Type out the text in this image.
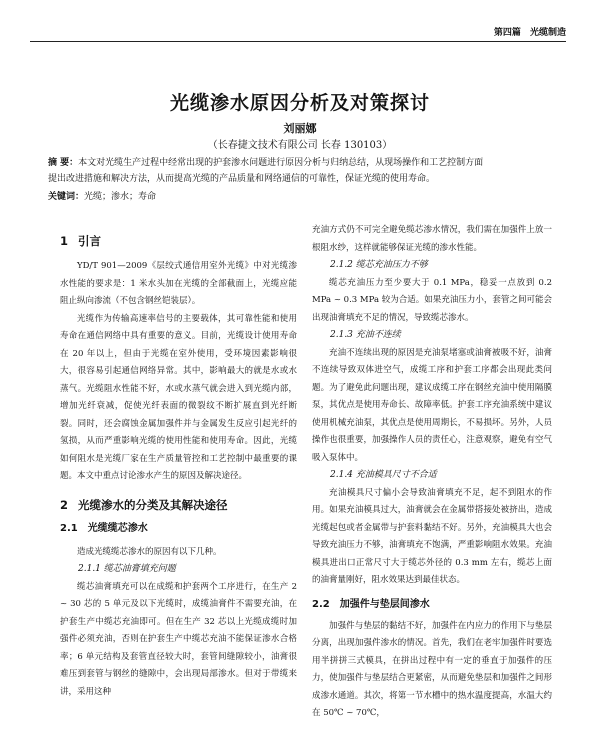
第四篇 光缆制造
光缆渗水原因分析及对策探讨
刘丽娜
（长春捷文技术有限公司 长春 130103）
摘 要：本文对光缆生产过程中经常出现的护套渗水问题进行原因分析与归纳总结，从现场操作和工艺控制方面
提出改进措施和解决方法，从而提高光缆的产品质量和网络通信的可靠性，保证光缆的使用寿命。
关键词：光缆；渗水；寿命
1 引言

YD/T 901—2009《层绞式通信用室外光缆》中对光缆渗水性能的要求是：1 米水头加在光缆的全部截面上，光缆应能阻止纵向渗流（不包含钢丝铠装层）。

光缆作为传输高速率信号的主要载体，其可靠性能和使用寿命在通信网络中具有重要的意义。目前，光缆设计使用寿命在 20 年以上，但由于光缆在室外使用，受环境因素影响很大，很容易引起通信网络异常。其中，影响最大的就是水或水蒸气。光缆阻水性能不好，水或水蒸气就会进入到光缆内部，增加光纤衰减，促使光纤表面的微裂纹不断扩展直到光纤断裂。同时，还会腐蚀金属加强件并与金属发生反应引起光纤的氢损，从而严重影响光缆的使用性能和使用寿命。因此，光缆如何阻水是光缆厂家在生产质量管控和工艺控制中最重要的课题。本文中重点讨论渗水产生的原因及解决途径。

2 光缆渗水的分类及其解决途径
2.1 光缆缆芯渗水

造成光缆缆芯渗水的原因有以下几种。

2.1.1 缆芯油膏填充问题

缆芯油膏填充可以在成缆和护套两个工序进行，在生产 2 ~ 30 芯的 5 单元及以下光缆时，成缆油膏件不需要充油，在护套生产中缆芯充油即可。但在生产 32 芯以上光缆成缆时加强件必须充油，否则在护套生产中缆芯充油不能保证渗水合格率；6 单元结构及套管直径较大时，套管间缝隙较小，油膏很难压到套管与钢丝的缝隙中，会出现局部渗水。但对于带缆来讲，采用这种

充油方式仍不可完全避免缆芯渗水情况，我们需在加强件上放一根阻水纱，这样就能够保证光缆的渗水性能。

2.1.2 缆芯充油压力不够

缆芯充油压力至少要大于 0.1 MPa，稳妥一点放到 0.2 MPa ~ 0.3 MPa 较为合适。如果充油压力小，套管之间可能会出现油膏填充不足的情况，导致缆芯渗水。

2.1.3 充油不连续

充油不连续出现的原因是充油泵堵塞或油膏被吸不好，油膏不连续导致双体进空气，成缆工序和护套工序都会出现此类问题。为了避免此问题出现，建议成缆工序在钢丝充油中使用隔膜泵，其优点是使用寿命长、故障率低。护套工序充油系统中建议使用机械充油泵，其优点是使用周期长，不易损坏。另外，人员操作也很重要，加强操作人员的责任心，注意观察，避免有空气吸入泵体中。

2.1.4 充油模具尺寸不合适

充油模具尺寸偏小会导致油膏填充不足，起不到阻水的作用。如果充油模具过大，油膏就会在金属带搭接处被挤出，造成光缆起包或者金属带与护套料黏结不好。另外，充油模具大也会导致充油压力不够，油膏填充不饱满，严重影响阻水效果。充油模具进出口正常尺寸大于缆芯外径的 0.3 mm 左右，缆芯上面的油膏量刚好，阻水效果达到最佳状态。

2.2 加强件与垫层间渗水

加强件与垫层的黏结不好，加强件在内应力的作用下与垫层分离，出现加强件渗水的情况。首先，我们在老牢加强件时要选用半拼拼三式模具，在拼出过程中有一定的垂直于加强件的压力，使加强件与垫层结合更紧密，从而避免垫层和加强件之间形成渗水通道。其次，将第一节水槽中的热水温度提高，水温大约在 50℃ ~ 70℃，
